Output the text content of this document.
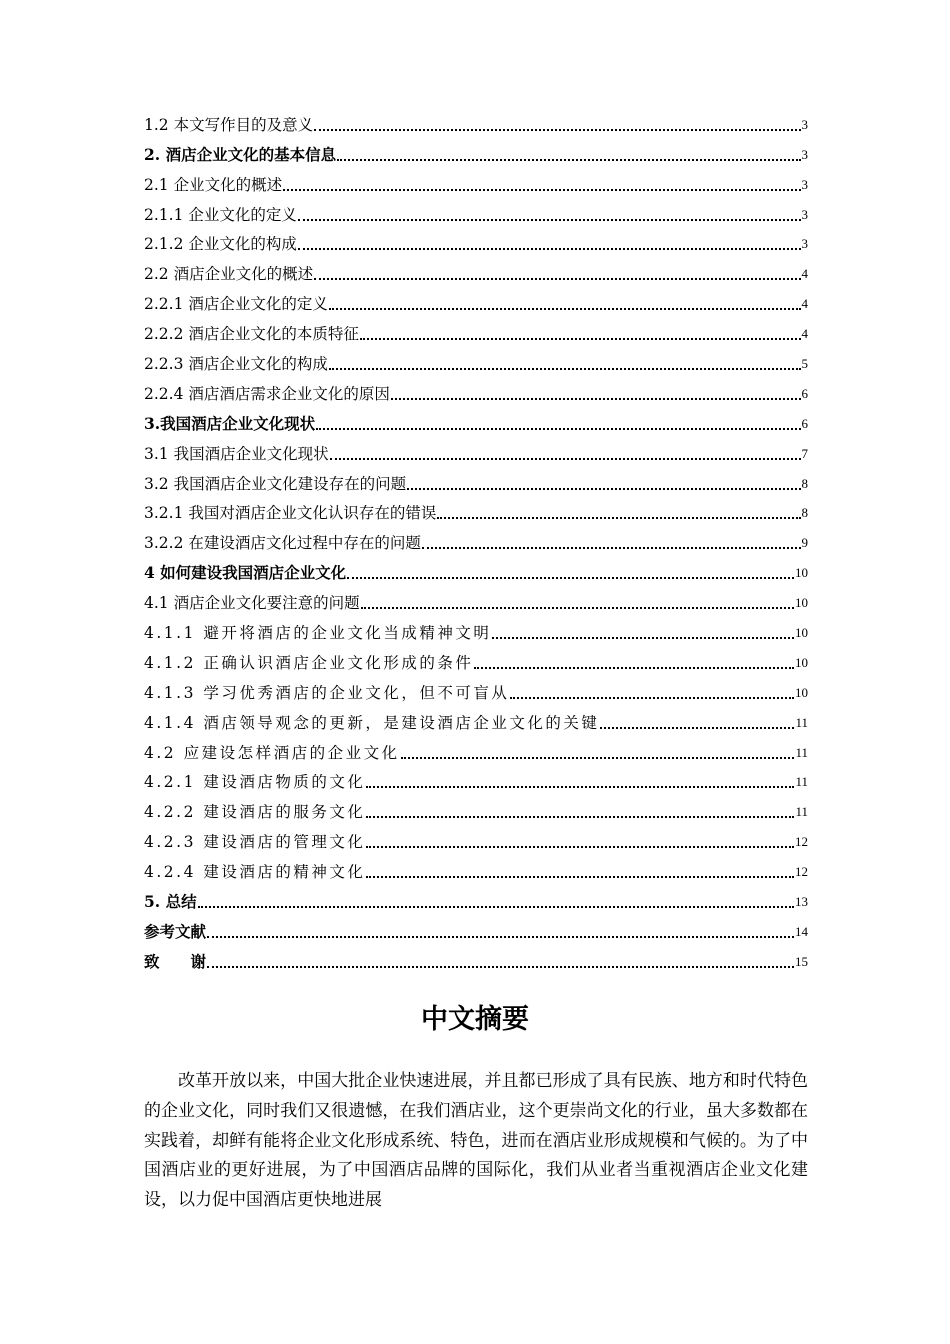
1.2 本文写作目的及意义	3
2. 酒店企业文化的基本信息	3
2.1 企业文化的概述	3
2.1.1 企业文化的定义	3
2.1.2 企业文化的构成	3
2.2 酒店企业文化的概述	4
2.2.1 酒店企业文化的定义	4
2.2.2 酒店企业文化的本质特征	4
2.2.3 酒店企业文化的构成	5
2.2.4 酒店酒店需求企业文化的原因	6
3.我国酒店企业文化现状	6
3.1 我国酒店企业文化现状	7
3.2 我国酒店企业文化建设存在的问题	8
3.2.1 我国对酒店企业文化认识存在的错误	8
3.2.2 在建设酒店文化过程中存在的问题	9
4 如何建设我国酒店企业文化	10
4.1 酒店企业文化要注意的问题	10
4.1.1 避开将酒店的企业文化当成精神文明	10
4.1.2 正确认识酒店企业文化形成的条件	10
4.1.3 学习优秀酒店的企业文化，但不可盲从	10
4.1.4 酒店领导观念的更新，是建设酒店企业文化的关键	11
4.2 应建设怎样酒店的企业文化	11
4.2.1 建设酒店物质的文化	11
4.2.2 建设酒店的服务文化	11
4.2.3 建设酒店的管理文化	12
4.2.4 建设酒店的精神文化	12
5. 总结	13
参考文献	14
致　　谢	15
中文摘要

改革开放以来，中国大批企业快速进展，并且都已形成了具有民族、地方和时代特色的企业文化，同时我们又很遗憾，在我们酒店业，这个更崇尚文化的行业，虽大多数都在实践着，却鲜有能将企业文化形成系统、特色，进而在酒店业形成规模和气候的。为了中国酒店业的更好进展，为了中国酒店品牌的国际化，我们从业者当重视酒店企业文化建设，以力促中国酒店更快地进展
